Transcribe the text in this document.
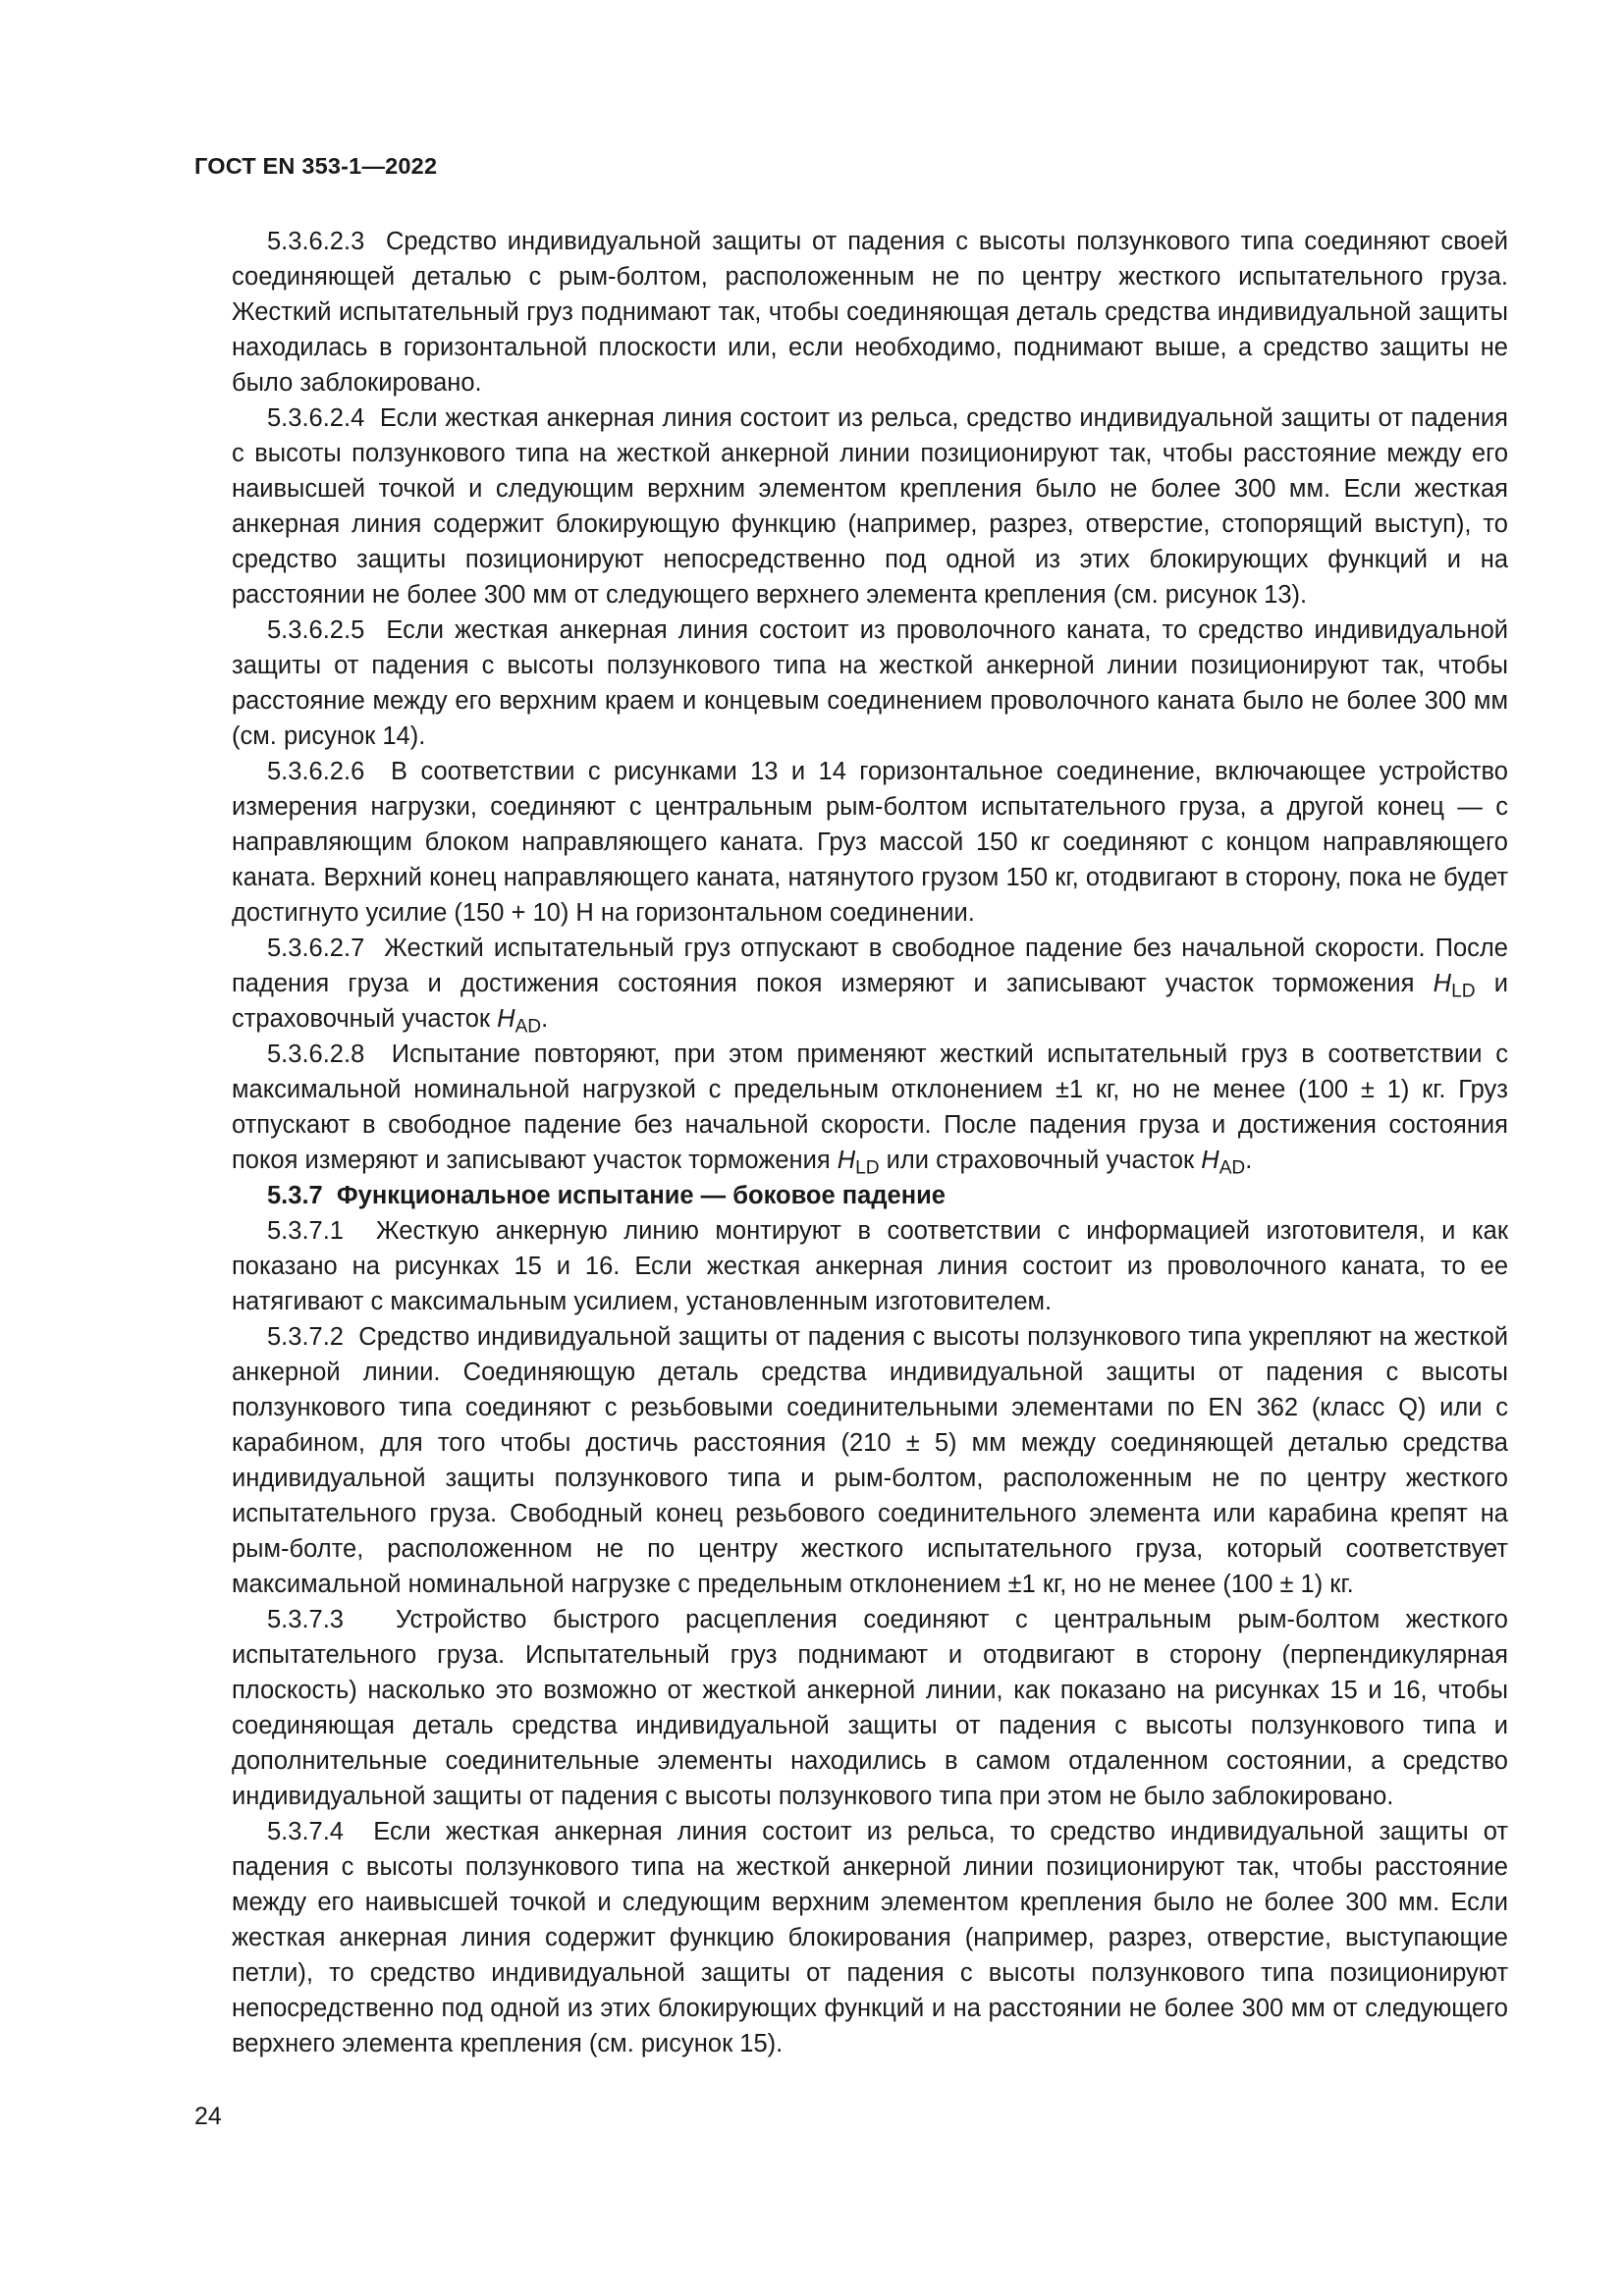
ГОСТ EN 353-1—2022

5.3.6.2.3  Средство индивидуальной защиты от падения с высоты ползункового типа соединяют своей соединяющей деталью с рым-болтом, расположенным не по центру жесткого испытательного груза. Жесткий испытательный груз поднимают так, чтобы соединяющая деталь средства индивидуальной защиты находилась в горизонтальной плоскости или, если необходимо, поднимают выше, а средство защиты не было заблокировано.

5.3.6.2.4  Если жесткая анкерная линия состоит из рельса, средство индивидуальной защиты от падения с высоты ползункового типа на жесткой анкерной линии позиционируют так, чтобы расстояние между его наивысшей точкой и следующим верхним элементом крепления было не более 300 мм. Если жесткая анкерная линия содержит блокирующую функцию (например, разрез, отверстие, стопорящий выступ), то средство защиты позиционируют непосредственно под одной из этих блокирующих функций и на расстоянии не более 300 мм от следующего верхнего элемента крепления (см. рисунок 13).

5.3.6.2.5  Если жесткая анкерная линия состоит из проволочного каната, то средство индивидуальной защиты от падения с высоты ползункового типа на жесткой анкерной линии позиционируют так, чтобы расстояние между его верхним краем и концевым соединением проволочного каната было не более 300 мм (см. рисунок 14).

5.3.6.2.6  В соответствии с рисунками 13 и 14 горизонтальное соединение, включающее устройство измерения нагрузки, соединяют с центральным рым-болтом испытательного груза, а другой конец — с направляющим блоком направляющего каната. Груз массой 150 кг соединяют с концом направляющего каната. Верхний конец направляющего каната, натянутого грузом 150 кг, отодвигают в сторону, пока не будет достигнуто усилие (150 + 10) Н на горизонтальном соединении.

5.3.6.2.7  Жесткий испытательный груз отпускают в свободное падение без начальной скорости. После падения груза и достижения состояния покоя измеряют и записывают участок торможения $H_{LD}$ и страховочный участок $H_{AD}$.

5.3.6.2.8  Испытание повторяют, при этом применяют жесткий испытательный груз в соответствии с максимальной номинальной нагрузкой с предельным отклонением ±1 кг, но не менее (100 ± 1) кг. Груз отпускают в свободное падение без начальной скорости. После падения груза и достижения состояния покоя измеряют и записывают участок торможения $H_{LD}$ или страховочный участок $H_{AD}$.

5.3.7  Функциональное испытание — боковое падение

5.3.7.1  Жесткую анкерную линию монтируют в соответствии с информацией изготовителя, и как показано на рисунках 15 и 16. Если жесткая анкерная линия состоит из проволочного каната, то ее натягивают с максимальным усилием, установленным изготовителем.

5.3.7.2  Средство индивидуальной защиты от падения с высоты ползункового типа укрепляют на жесткой анкерной линии. Соединяющую деталь средства индивидуальной защиты от падения с высоты ползункового типа соединяют с резьбовыми соединительными элементами по EN 362 (класс Q) или с карабином, для того чтобы достичь расстояния (210 ± 5) мм между соединяющей деталью средства индивидуальной защиты ползункового типа и рым-болтом, расположенным не по центру жесткого испытательного груза. Свободный конец резьбового соединительного элемента или карабина крепят на рым-болте, расположенном не по центру жесткого испытательного груза, который соответствует максимальной номинальной нагрузке с предельным отклонением ±1 кг, но не менее (100 ± 1) кг.

5.3.7.3  Устройство быстрого расцепления соединяют с центральным рым-болтом жесткого испытательного груза. Испытательный груз поднимают и отодвигают в сторону (перпендикулярная плоскость) насколько это возможно от жесткой анкерной линии, как показано на рисунках 15 и 16, чтобы соединяющая деталь средства индивидуальной защиты от падения с высоты ползункового типа и дополнительные соединительные элементы находились в самом отдаленном состоянии, а средство индивидуальной защиты от падения с высоты ползункового типа при этом не было заблокировано.

5.3.7.4  Если жесткая анкерная линия состоит из рельса, то средство индивидуальной защиты от падения с высоты ползункового типа на жесткой анкерной линии позиционируют так, чтобы расстояние между его наивысшей точкой и следующим верхним элементом крепления было не более 300 мм. Если жесткая анкерная линия содержит функцию блокирования (например, разрез, отверстие, выступающие петли), то средство индивидуальной защиты от падения с высоты ползункового типа позиционируют непосредственно под одной из этих блокирующих функций и на расстоянии не более 300 мм от следующего верхнего элемента крепления (см. рисунок 15).

24
